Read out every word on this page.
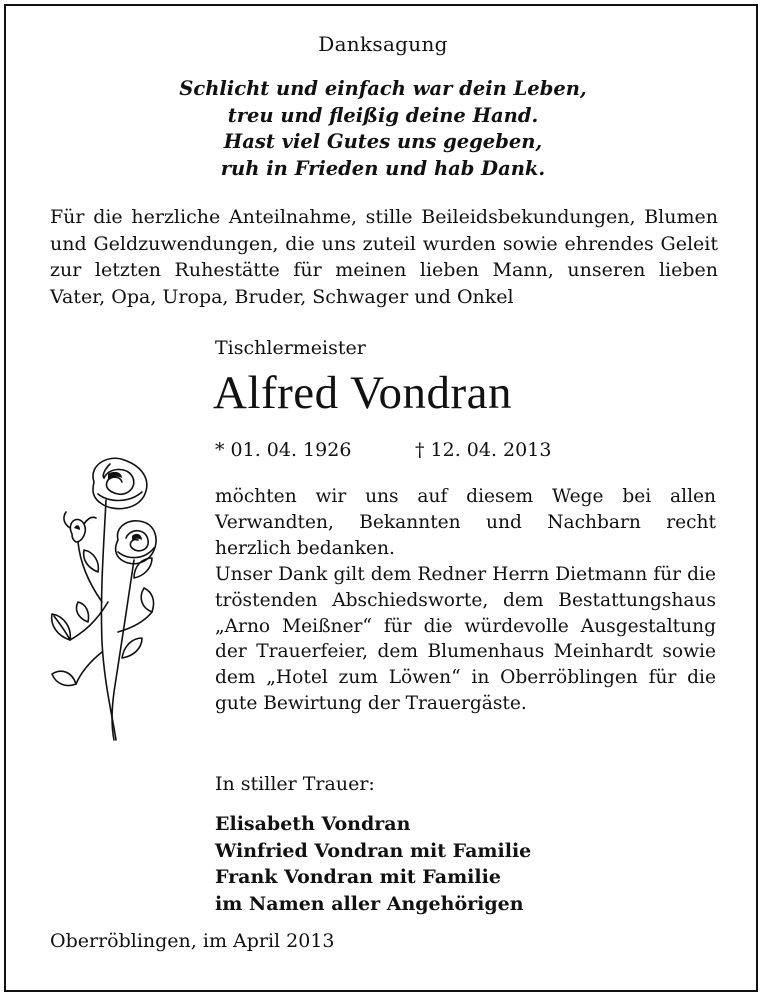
Danksagung
Schlicht und einfach war dein Leben,
treu und fleißig deine Hand.
Hast viel Gutes uns gegeben,
ruh in Frieden und hab Dank.
Für die herzliche Anteilnahme, stille Beileidsbekundungen, Blumen und Geldzuwendungen, die uns zuteil wurden sowie ehrendes Geleit zur letzten Ruhestätte für meinen lieben Mann, unseren lieben Vater, Opa, Uropa, Bruder, Schwager und Onkel
Tischlermeister
Alfred Vondran
* 01. 04. 1926	† 12. 04. 2013

möchten wir uns auf diesem Wege bei allen Verwandten, Bekannten und Nachbarn recht herzlich bedanken.

Unser Dank gilt dem Redner Herrn Dietmann für die tröstenden Abschiedsworte, dem Bestattungshaus „Arno Meißner“ für die würdevolle Ausgestaltung der Trauerfeier, dem Blumenhaus Meinhardt sowie dem „Hotel zum Löwen“ in Oberröblingen für die gute Bewirtung der Trauergäste.

In stiller Trauer:
Elisabeth Vondran
Winfried Vondran mit Familie
Frank Vondran mit Familie
im Namen aller Angehörigen
Oberröblingen, im April 2013
